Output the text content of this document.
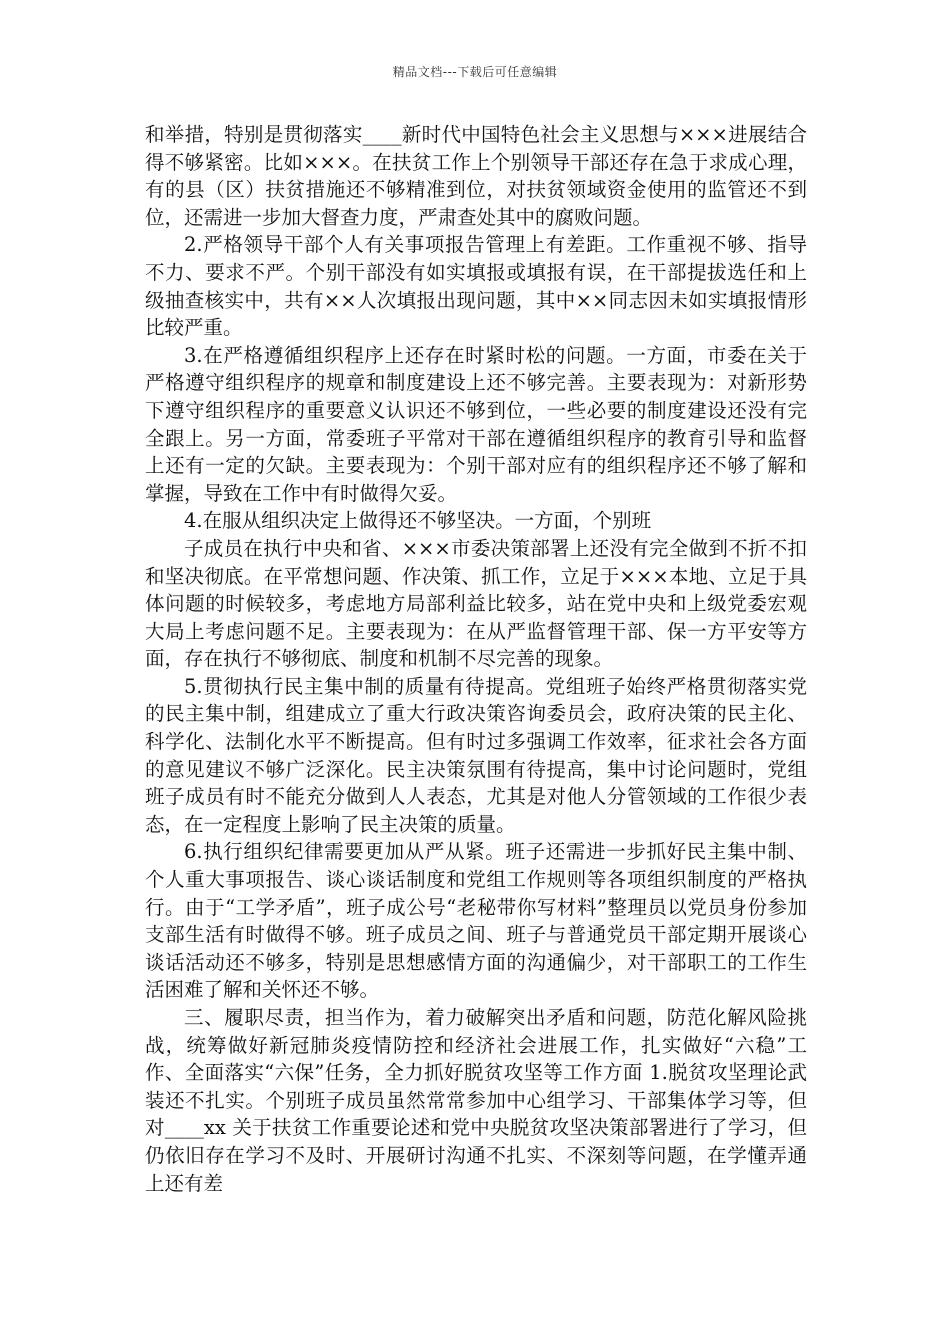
精品文档---下载后可任意编辑

和举措，特别是贯彻落实____新时代中国特色社会主义思想与×××进展结合得不够紧密。比如×××。在扶贫工作上个别领导干部还存在急于求成心理，有的县（区）扶贫措施还不够精准到位，对扶贫领域资金使用的监管还不到位，还需进一步加大督查力度，严肃查处其中的腐败问题。

2.严格领导干部个人有关事项报告管理上有差距。工作重视不够、指导不力、要求不严。个别干部没有如实填报或填报有误，在干部提拔选任和上级抽查核实中，共有××人次填报出现问题，其中××同志因未如实填报情形比较严重。

3.在严格遵循组织程序上还存在时紧时松的问题。一方面，市委在关于严格遵守组织程序的规章和制度建设上还不够完善。主要表现为：对新形势下遵守组织程序的重要意义认识还不够到位，一些必要的制度建设还没有完全跟上。另一方面，常委班子平常对干部在遵循组织程序的教育引导和监督上还有一定的欠缺。主要表现为：个别干部对应有的组织程序还不够了解和掌握，导致在工作中有时做得欠妥。

4.在服从组织决定上做得还不够坚决。一方面，个别班

子成员在执行中央和省、×××市委决策部署上还没有完全做到不折不扣和坚决彻底。在平常想问题、作决策、抓工作，立足于×××本地、立足于具体问题的时候较多，考虑地方局部利益比较多，站在党中央和上级党委宏观大局上考虑问题不足。主要表现为：在从严监督管理干部、保一方平安等方面，存在执行不够彻底、制度和机制不尽完善的现象。

5.贯彻执行民主集中制的质量有待提高。党组班子始终严格贯彻落实党的民主集中制，组建成立了重大行政决策咨询委员会，政府决策的民主化、科学化、法制化水平不断提高。但有时过多强调工作效率，征求社会各方面的意见建议不够广泛深化。民主决策氛围有待提高，集中讨论问题时，党组班子成员有时不能充分做到人人表态，尤其是对他人分管领域的工作很少表态，在一定程度上影响了民主决策的质量。

6.执行组织纪律需要更加从严从紧。班子还需进一步抓好民主集中制、个人重大事项报告、谈心谈话制度和党组工作规则等各项组织制度的严格执行。由于“工学矛盾”，班子成公号“老秘带你写材料”整理员以党员身份参加支部生活有时做得不够。班子成员之间、班子与普通党员干部定期开展谈心谈话活动还不够多，特别是思想感情方面的沟通偏少，对干部职工的工作生活困难了解和关怀还不够。

三、履职尽责，担当作为，着力破解突出矛盾和问题，防范化解风险挑战，统筹做好新冠肺炎疫情防控和经济社会进展工作，扎实做好“六稳”工作、全面落实“六保”任务，全力抓好脱贫攻坚等工作方面 1.脱贫攻坚理论武装还不扎实。个别班子成员虽然常常参加中心组学习、干部集体学习等，但对____xx 关于扶贫工作重要论述和党中央脱贫攻坚决策部署进行了学习，但仍依旧存在学习不及时、开展研讨沟通不扎实、不深刻等问题，在学懂弄通上还有差
